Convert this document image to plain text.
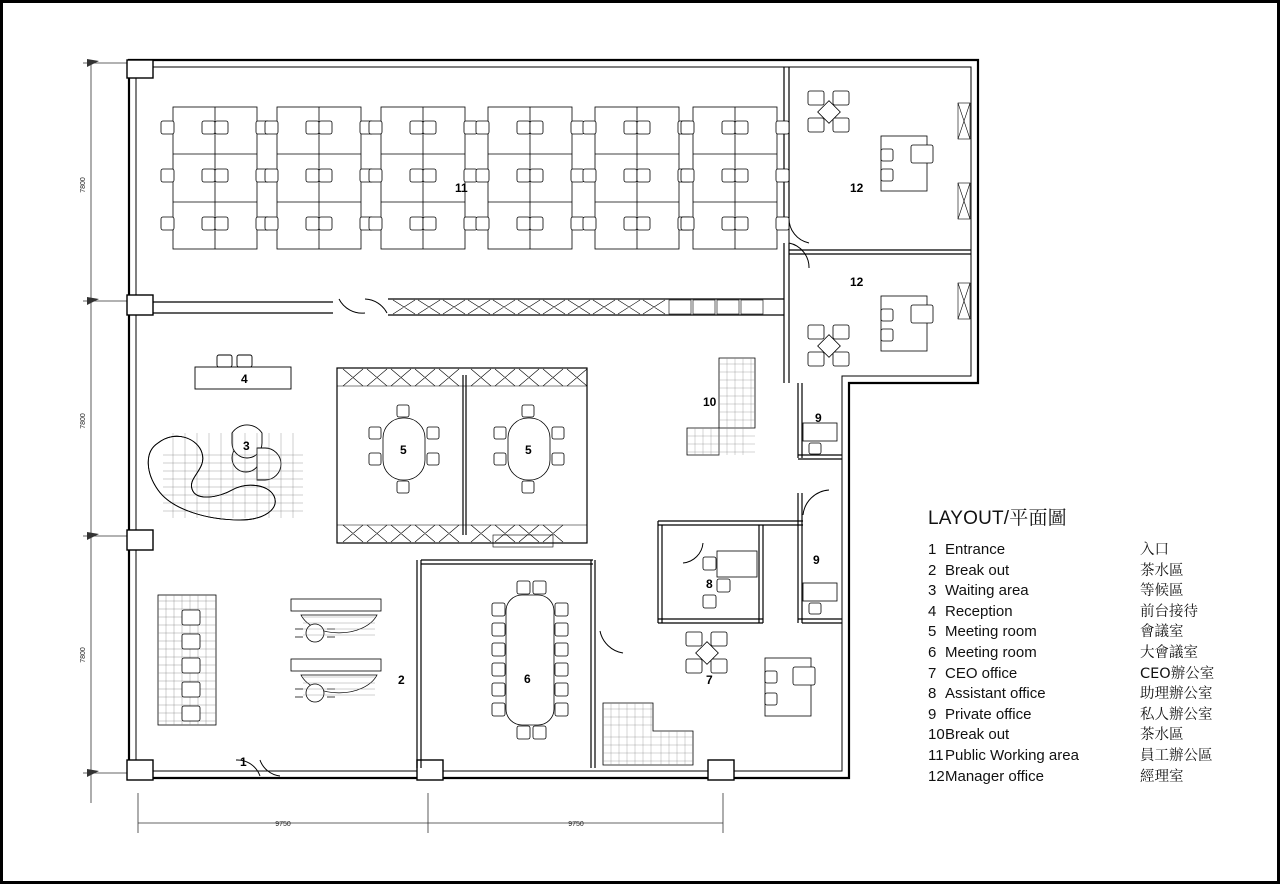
7800
7800
7800
9750	9750
11	12
12
4
3	5	5
10
9
9
8
6
2
1
7
LAYOUT/平面圖
1 Entrance	入口
2 Break out	茶水區
3 Waiting area	等候區
4 Reception	前台接待
5 Meeting room	會議室
6 Meeting room	大會議室
7 CEO office	CEO辦公室
8 Assistant office	助理辦公室
9 Private office	私人辦公室
10 Break out	茶水區
11 Public Working area	員工辦公區
12 Manager office	經理室
